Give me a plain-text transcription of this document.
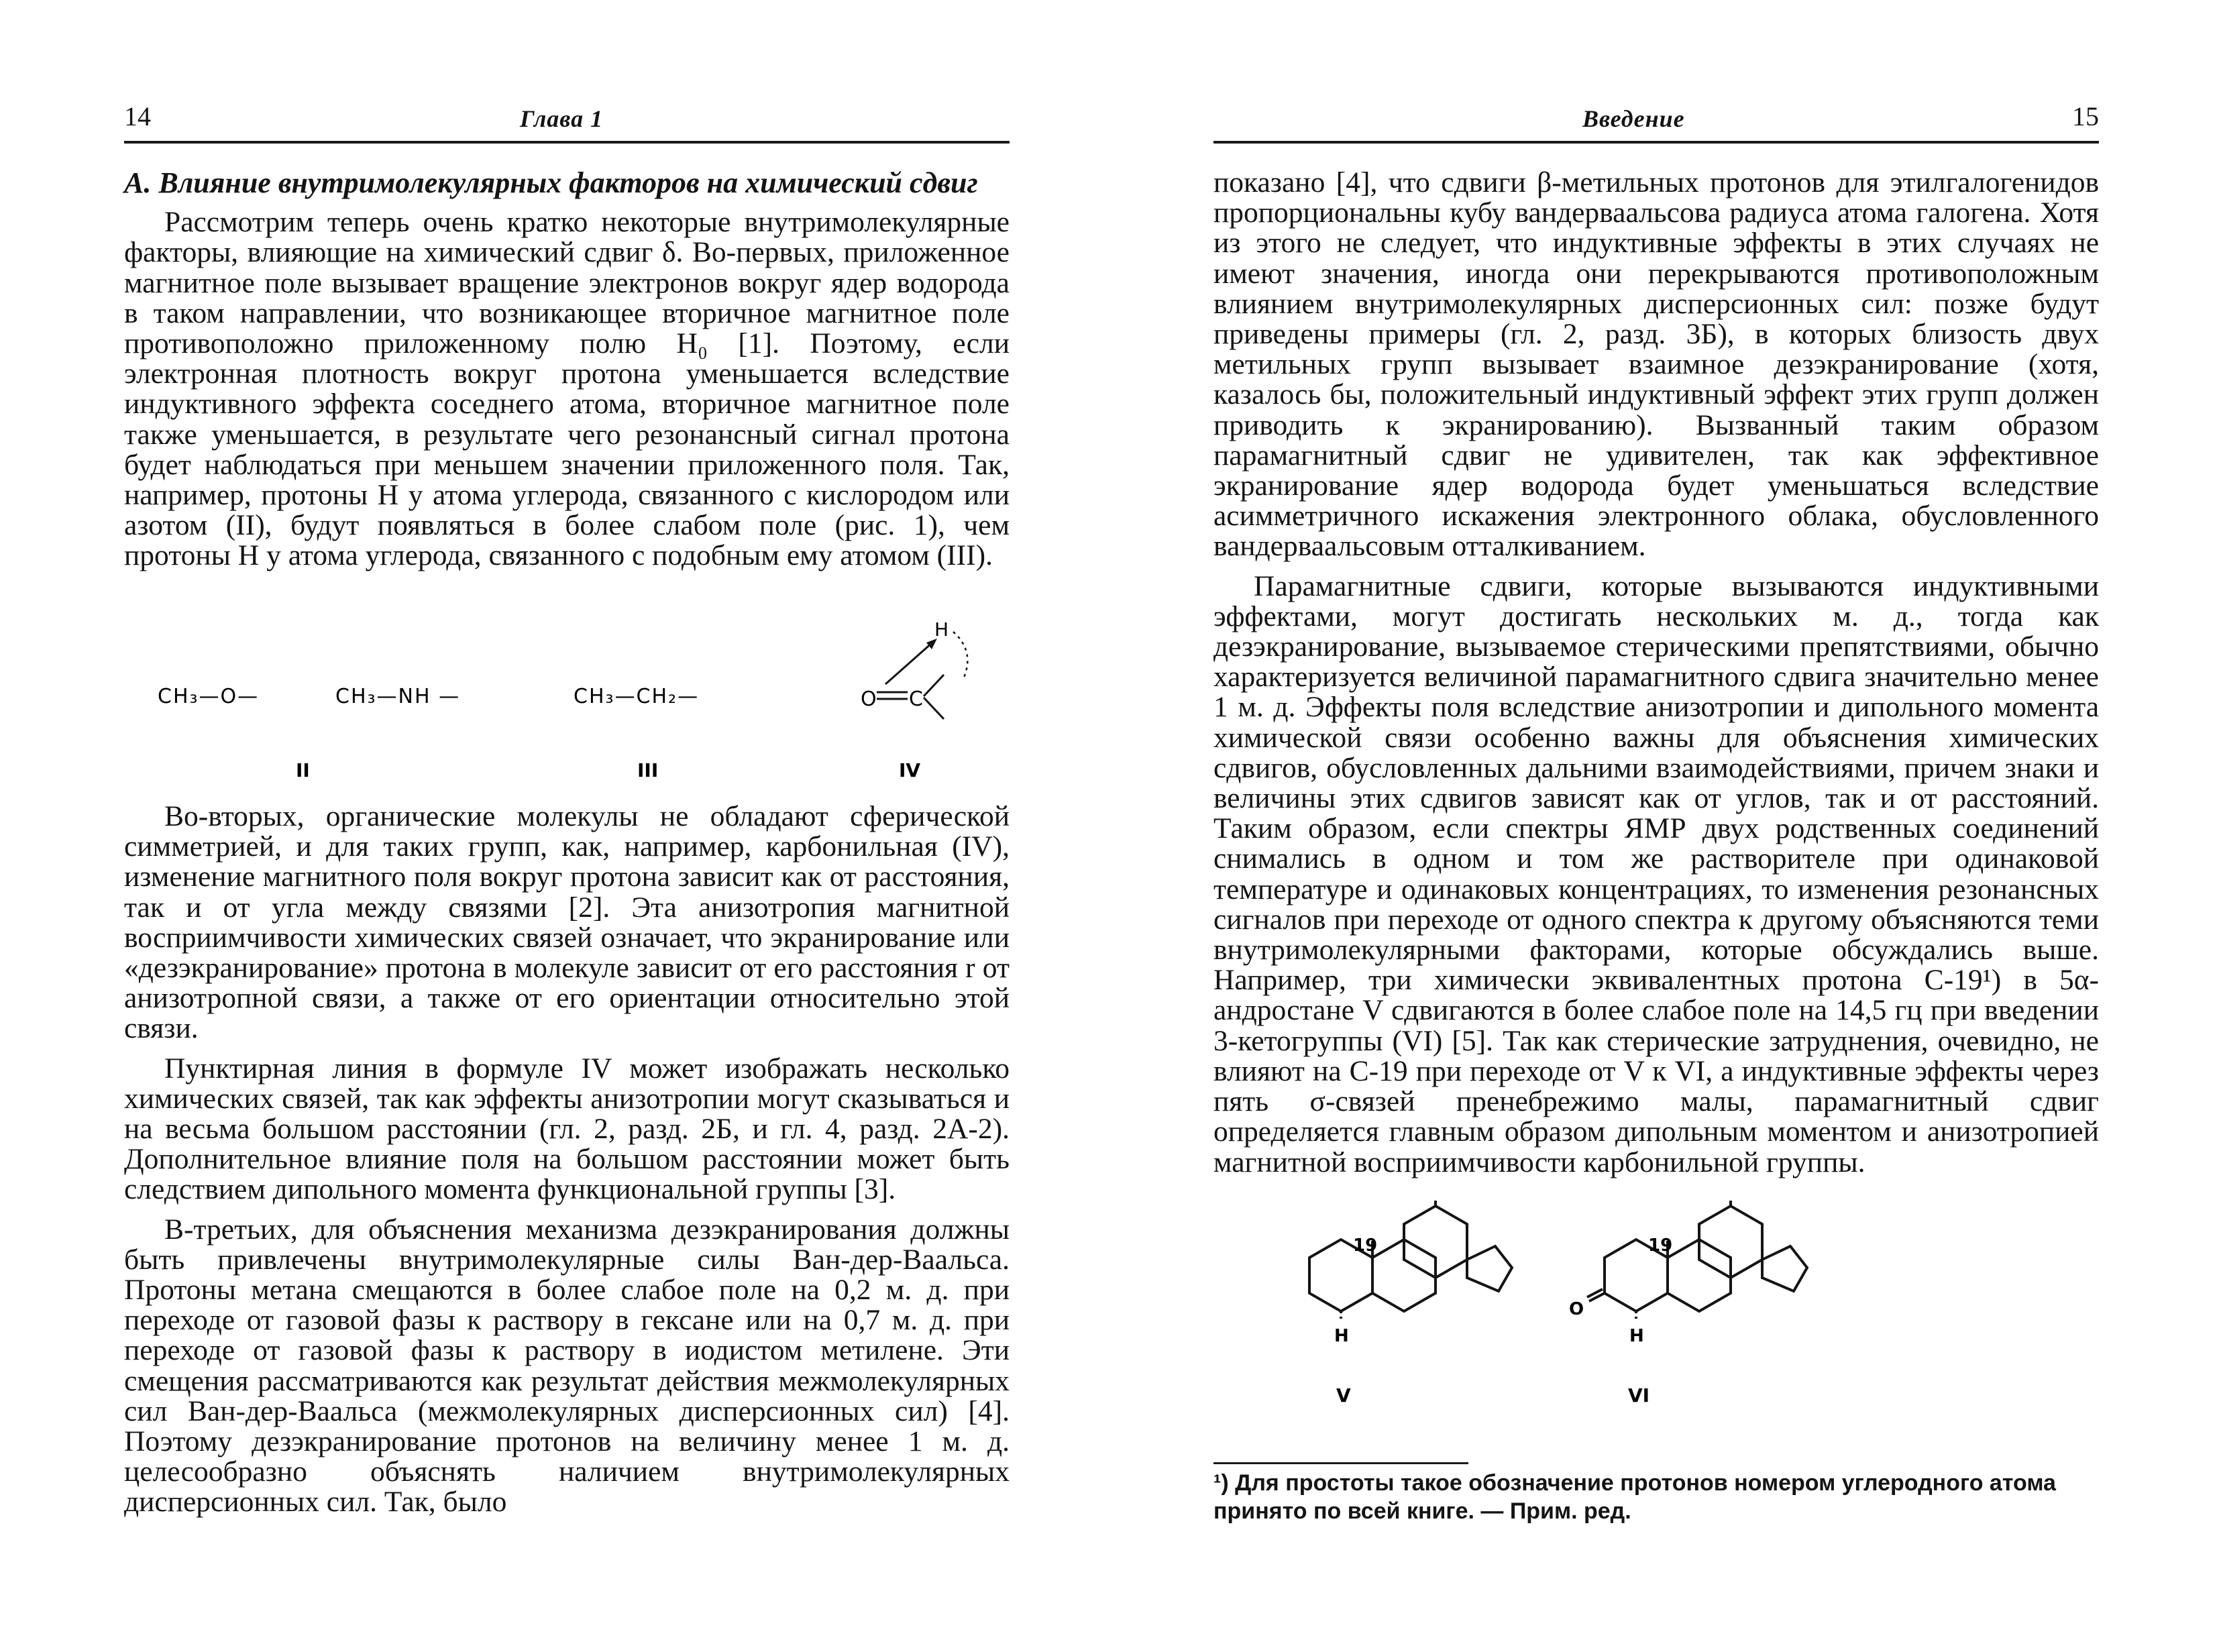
14	Глава 1

А. Влияние внутримолекулярных факторов на химический сдвиг

Рассмотрим теперь очень кратко некоторые внутримолекулярные факторы, влияющие на химический сдвиг δ. Во-первых, приложенное магнитное поле вызывает вращение электронов вокруг ядер водорода в таком направлении, что возникающее вторичное магнитное поле противоположно приложенному полю H₀ [1]. Поэтому, если электронная плотность вокруг протона уменьшается вследствие индуктивного эффекта соседнего атома, вторичное магнитное поле также уменьшается, в результате чего резонансный сигнал протона будет наблюдаться при меньшем значении приложенного поля. Так, например, протоны H у атома углерода, связанного с кислородом или азотом (II), будут появляться в более слабом поле (рис. 1), чем протоны H у атома углерода, связанного с подобным ему атомом (III).

CH₃—O—	CH₃—NH —	CH₃—CH₂—	O C
H
II	III	IV

Во-вторых, органические молекулы не обладают сферической симметрией, и для таких групп, как, например, карбонильная (IV), изменение магнитного поля вокруг протона зависит как от расстояния, так и от угла между связями [2]. Эта анизотропия магнитной восприимчивости химических связей означает, что экранирование или «дезэкранирование» протона в молекуле зависит от его расстояния r от анизотропной связи, а также от его ориентации относительно этой связи.

Пунктирная линия в формуле IV может изображать несколько химических связей, так как эффекты анизотропии могут сказываться и на весьма большом расстоянии (гл. 2, разд. 2Б, и гл. 4, разд. 2А-2). Дополнительное влияние поля на большом расстоянии может быть следствием дипольного момента функциональной группы [3].

В-третьих, для объяснения механизма дезэкранирования должны быть привлечены внутримолекулярные силы Ван-дер-Ваальса. Протоны метана смещаются в более слабое поле на 0,2 м. д. при переходе от газовой фазы к раствору в гексане или на 0,7 м. д. при переходе от газовой фазы к раствору в иодистом метилене. Эти смещения рассматриваются как результат действия межмолекулярных сил Ван-дер-Ваальса (межмолекулярных дисперсионных сил) [4]. Поэтому дезэкранирование протонов на величину менее 1 м. д. целесообразно объяснять наличием внутримолекулярных дисперсионных сил. Так, было

Введение	15

показано [4], что сдвиги β-метильных протонов для этилгалогенидов пропорциональны кубу вандерваальсова радиуса атома галогена. Хотя из этого не следует, что индуктивные эффекты в этих случаях не имеют значения, иногда они перекрываются противоположным влиянием внутримолекулярных дисперсионных сил: позже будут приведены примеры (гл. 2, разд. 3Б), в которых близость двух метильных групп вызывает взаимное дезэкранирование (хотя, казалось бы, положительный индуктивный эффект этих групп должен приводить к экранированию). Вызванный таким образом парамагнитный сдвиг не удивителен, так как эффективное экранирование ядер водорода будет уменьшаться вследствие асимметричного искажения электронного облака, обусловленного вандерваальсовым отталкиванием.

Парамагнитные сдвиги, которые вызываются индуктивными эффектами, могут достигать нескольких м. д., тогда как дезэкранирование, вызываемое стерическими препятствиями, обычно характеризуется величиной парамагнитного сдвига значительно менее 1 м. д. Эффекты поля вследствие анизотропии и дипольного момента химической связи особенно важны для объяснения химических сдвигов, обусловленных дальними взаимодействиями, причем знаки и величины этих сдвигов зависят как от углов, так и от расстояний. Таким образом, если спектры ЯМР двух родственных соединений снимались в одном и том же растворителе при одинаковой температуре и одинаковых концентрациях, то изменения резонансных сигналов при переходе от одного спектра к другому объясняются теми внутримолекулярными факторами, которые обсуждались выше. Например, три химически эквивалентных протона С-19¹) в 5α-андростане V сдвигаются в более слабое поле на 14,5 гц при введении 3-кетогруппы (VI) [5]. Так как стерические затруднения, очевидно, не влияют на С-19 при переходе от V к VI, а индуктивные эффекты через пять σ-связей пренебрежимо малы, парамагнитный сдвиг определяется главным образом дипольным моментом и анизотропией магнитной восприимчивости карбонильной группы.

19
H
V
19
O
H
VI
¹) Для простоты такое обозначение протонов номером углеродного атома принято по всей книге. — Прим. ред.
